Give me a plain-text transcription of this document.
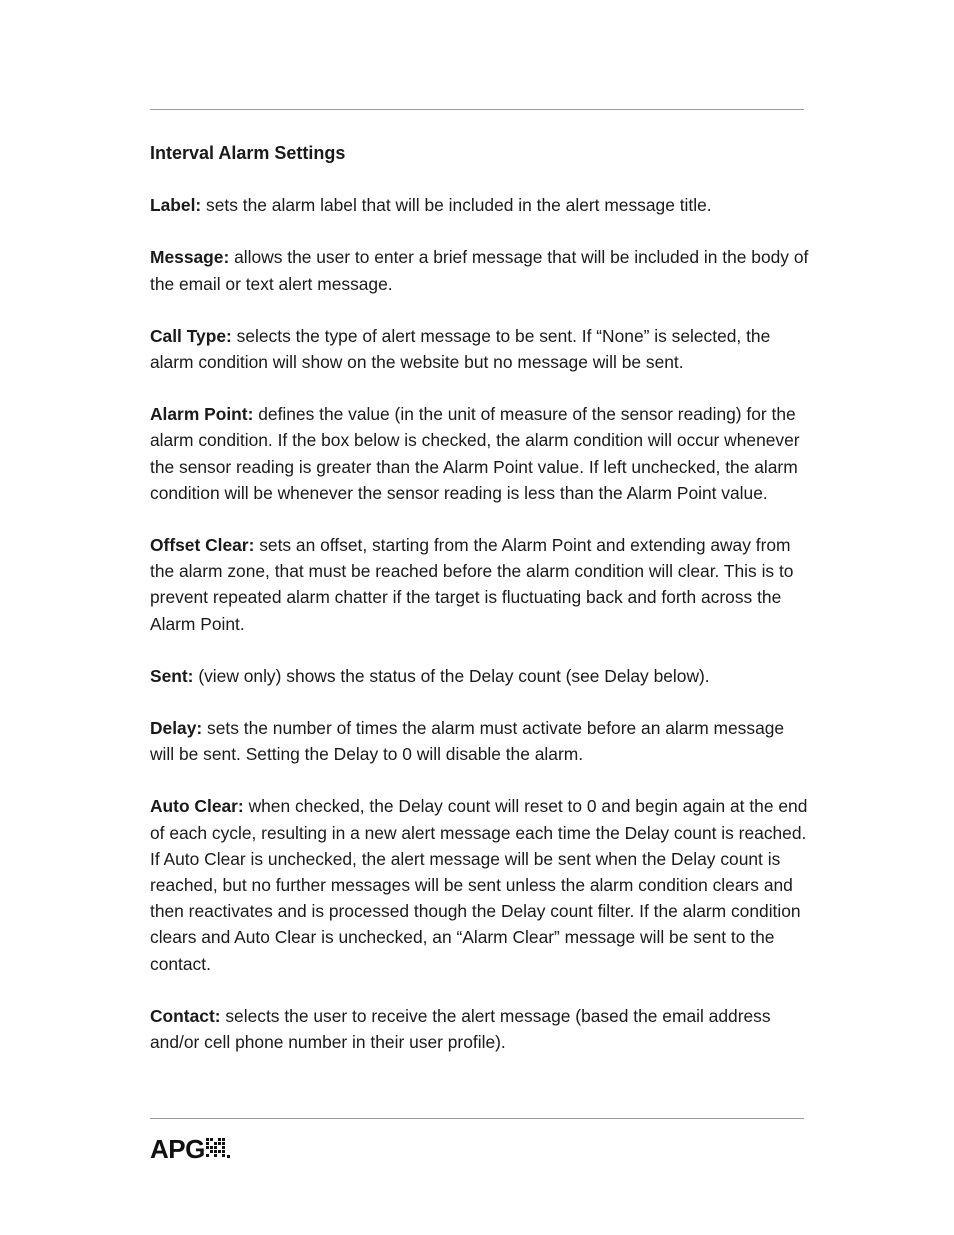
Interval Alarm Settings

Label: sets the alarm label that will be included in the alert message title.

Message: allows the user to enter a brief message that will be included in the body of the email or text alert message.

Call Type: selects the type of alert message to be sent. If “None” is selected, the alarm condition will show on the website but no message will be sent.

Alarm Point: defines the value (in the unit of measure of the sensor reading) for the alarm condition. If the box below is checked, the alarm condition will occur whenever the sensor reading is greater than the Alarm Point value. If left unchecked, the alarm condition will be whenever the sensor reading is less than the Alarm Point value.

Offset Clear: sets an offset, starting from the Alarm Point and extending away from the alarm zone, that must be reached before the alarm condition will clear. This is to prevent repeated alarm chatter if the target is fluctuating back and forth across the Alarm Point.

Sent: (view only) shows the status of the Delay count (see Delay below).

Delay: sets the number of times the alarm must activate before an alarm message will be sent. Setting the Delay to 0 will disable the alarm.

Auto Clear: when checked, the Delay count will reset to 0 and begin again at the end of each cycle, resulting in a new alert message each time the Delay count is reached. If Auto Clear is unchecked, the alert message will be sent when the Delay count is reached, but no further messages will be sent unless the alarm condition clears and then reactivates and is processed though the Delay count filter. If the alarm condition clears and Auto Clear is unchecked, an “Alarm Clear” message will be sent to the contact.

Contact: selects the user to receive the alert message (based the email address and/or cell phone number in their user profile).

APG
